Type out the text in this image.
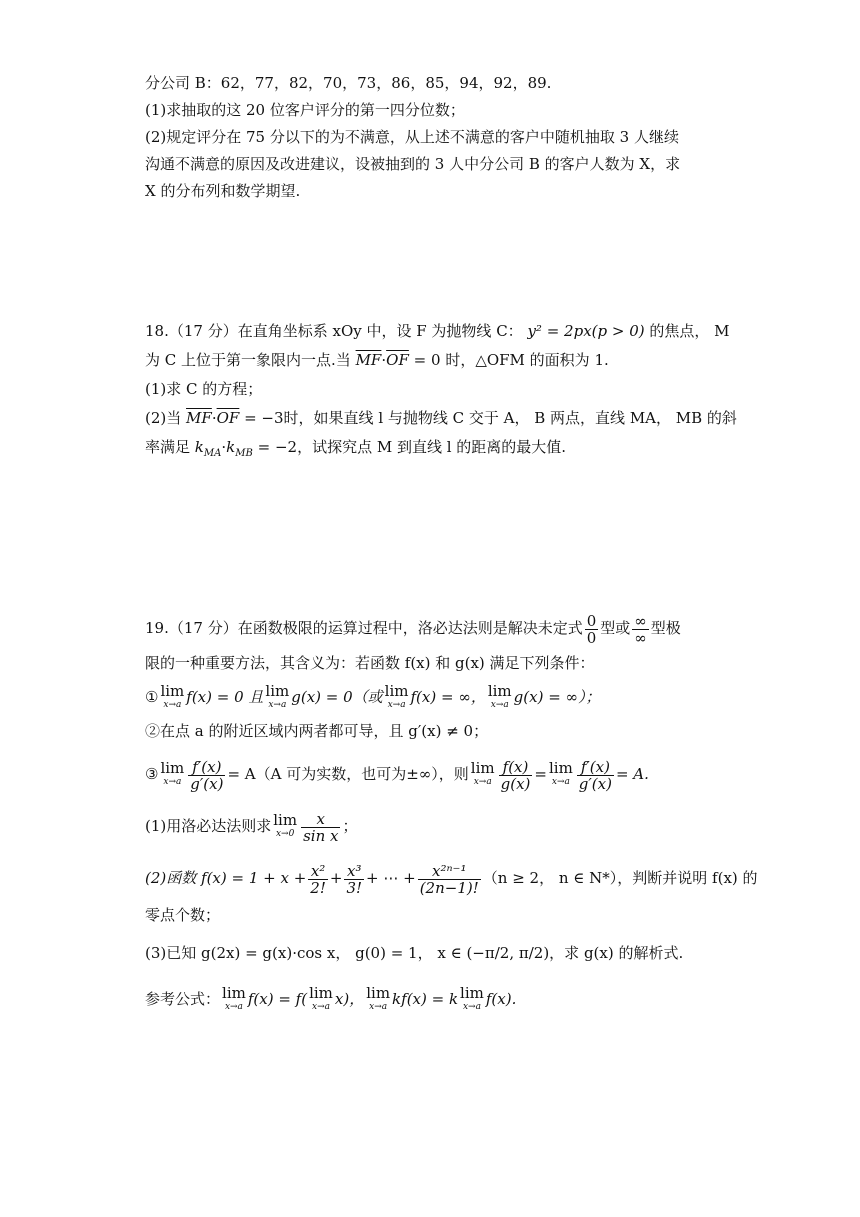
分公司 B：62，77，82，70，73，86，85，94，92，89.
(1)求抽取的这 20 位客户评分的第一四分位数；
(2)规定评分在 75 分以下的为不满意，从上述不满意的客户中随机抽取 3 人继续
沟通不满意的原因及改进建议，设被抽到的 3 人中分公司 B 的客户人数为 X，求
X 的分布列和数学期望.
18.（17 分）在直角坐标系 xOy 中，设 F 为抛物线 C： y² = 2px(p > 0) 的焦点， M
为 C 上位于第一象限内一点.当 $\overline{MF}\cdot\overline{OF} = 0$ 时，△OFM 的面积为 1.
(1)求 C 的方程；
(2)当 $\overline{MF}\cdot\overline{OF} = -3$时，如果直线 l 与抛物线 C 交于 A， B 两点，直线 MA， MB 的斜
率满足 $k_{MA}\cdot k_{MB} = -2$，试探究点 M 到直线 l 的距离的最大值.
19.（17 分）在函数极限的运算过程中，洛必达法则是解决未定式 $\frac{0}{0}$ 型或 $\frac{\infty}{\infty}$ 型极
限的一种重要方法，其含义为：若函数 f(x) 和 g(x) 满足下列条件：
① lim
x→a f(x) = 0 且 lim
x→a g(x) = 0（或 lim
x→a f(x) = ∞， lim
x→a g(x) = ∞）；
②在点 a 的附近区域内两者都可导，且 g′(x) ≠ 0；
③ lim
$x\to a \frac{f'(x)}{g'(x)} = A(A$ 可为实数，也可为±∞），则 lim
$x\to a \frac{f(x)}{g(x)} = \lim$
$x\to a \frac{f'(x)}{g'(x)} = A$.
(1)用洛必达法则求 lim
$x\to 0 \frac{x}{\text{sin x}}$ ；
(2)函数 $f(x) = 1 + x + \frac{\text{x²}}{2!} + \frac{\text{x³}}{3!}$ + ⋯ + $\frac{\text{x²ⁿ⁻¹}}{(2n-1)!} (n \ge 2$， n ∈ N*），判断并说明 f(x) 的
零点个数；
(3)已知 g(2x) = g(x)·cos x， g(0) = 1， x ∈ (−π/2, π/2)，求 g(x) 的解析式.
参考公式： lim
x→a f(x) = f( lim
x→a x)， lim
x→a kf(x) = k lim
x→a f(x).
